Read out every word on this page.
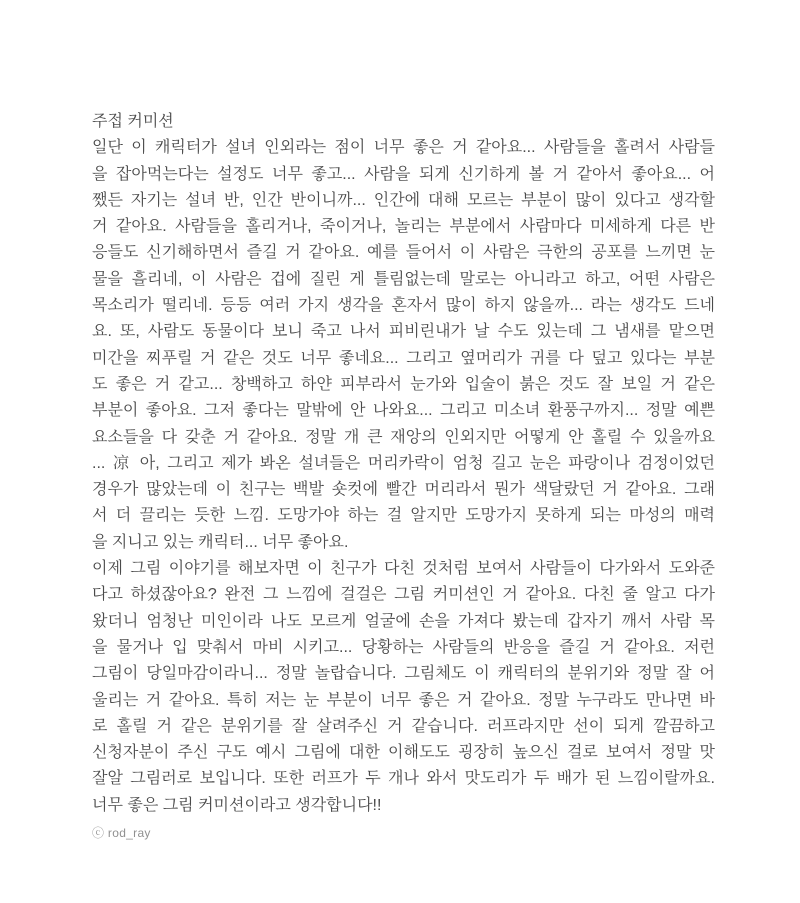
주접 커미션
일단 이 캐릭터가 설녀 인외라는 점이 너무 좋은 거 같아요... 사람들을 홀려서 사람들
을 잡아먹는다는 설정도 너무 좋고... 사람을 되게 신기하게 볼 거 같아서 좋아요... 어
쨌든 자기는 설녀 반, 인간 반이니까... 인간에 대해 모르는 부분이 많이 있다고 생각할
거 같아요. 사람들을 홀리거나, 죽이거나, 놀리는 부분에서 사람마다 미세하게 다른 반
응들도 신기해하면서 즐길 거 같아요. 예를 들어서 이 사람은 극한의 공포를 느끼면 눈
물을 흘리네, 이 사람은 겁에 질린 게 틀림없는데 말로는 아니라고 하고, 어떤 사람은
목소리가 떨리네. 등등 여러 가지 생각을 혼자서 많이 하지 않을까... 라는 생각도 드네
요. 또, 사람도 동물이다 보니 죽고 나서 피비린내가 날 수도 있는데 그 냄새를 맡으면
미간을 찌푸릴 거 같은 것도 너무 좋네요... 그리고 옆머리가 귀를 다 덮고 있다는 부분
도 좋은 거 같고... 창백하고 하얀 피부라서 눈가와 입술이 붉은 것도 잘 보일 거 같은
부분이 좋아요. 그저 좋다는 말밖에 안 나와요... 그리고 미소녀 환풍구까지... 정말 예쁜
요소들을 다 갖춘 거 같아요. 정말 개 큰 재앙의 인외지만 어떻게 안 홀릴 수 있을까요
... 凉 아, 그리고 제가 봐온 설녀들은 머리카락이 엄청 길고 눈은 파랑이나 검정이었던
경우가 많았는데 이 친구는 백발 숏컷에 빨간 머리라서 뭔가 색달랐던 거 같아요. 그래
서 더 끌리는 듯한 느낌. 도망가야 하는 걸 알지만 도망가지 못하게 되는 마성의 매력
을 지니고 있는 캐릭터... 너무 좋아요.
이제 그림 이야기를 해보자면 이 친구가 다친 것처럼 보여서 사람들이 다가와서 도와준
다고 하셨잖아요? 완전 그 느낌에 걸걸은 그림 커미션인 거 같아요. 다친 줄 알고 다가
왔더니 엄청난 미인이라 나도 모르게 얼굴에 손을 가져다 봤는데 갑자기 깨서 사람 목
을 물거나 입 맞춰서 마비 시키고... 당황하는 사람들의 반응을 즐길 거 같아요. 저런
그림이 당일마감이라니... 정말 놀랍습니다. 그림체도 이 캐릭터의 분위기와 정말 잘 어
울리는 거 같아요. 특히 저는 눈 부분이 너무 좋은 거 같아요. 정말 누구라도 만나면 바
로 홀릴 거 같은 분위기를 잘 살려주신 거 같습니다. 러프라지만 선이 되게 깔끔하고
신청자분이 주신 구도 예시 그림에 대한 이해도도 굉장히 높으신 걸로 보여서 정말 맛
잘알 그림러로 보입니다. 또한 러프가 두 개나 와서 맛도리가 두 배가 된 느낌이랄까요.
너무 좋은 그림 커미션이라고 생각합니다!!
ⓒ rod_ray
